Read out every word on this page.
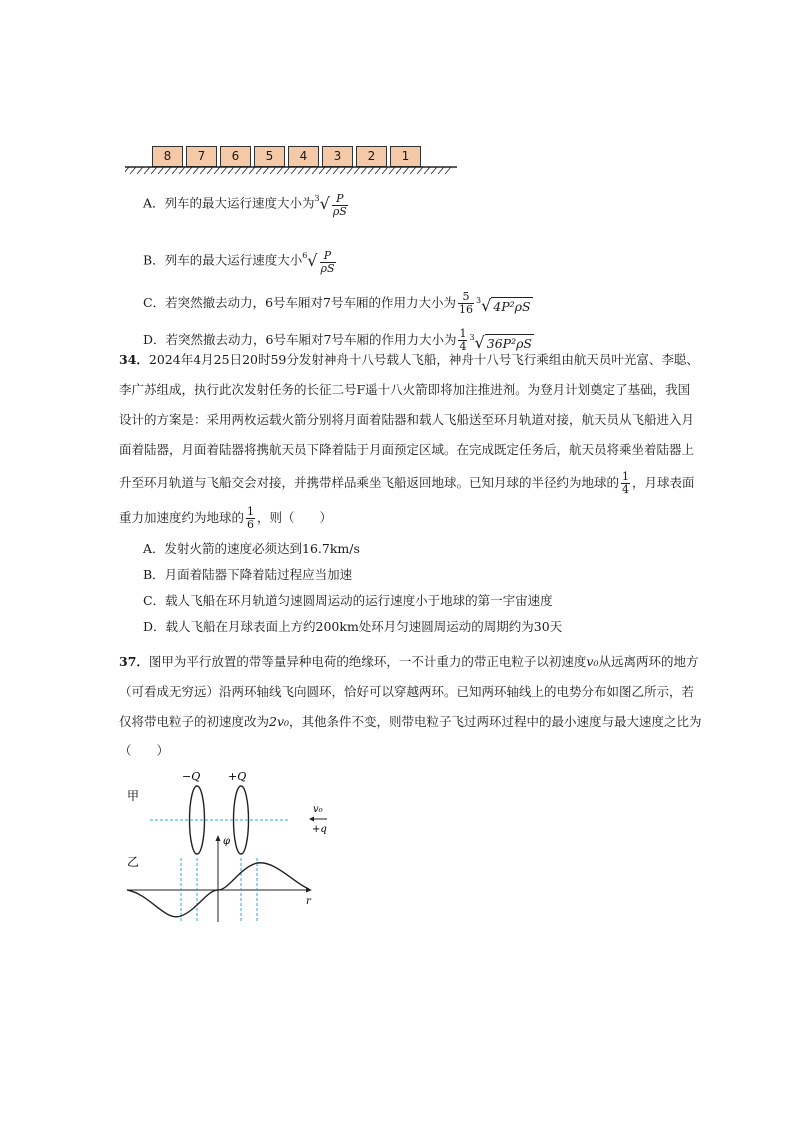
8	7	6	5	4	3	2	1
A．列车的最大运行速度大小为$^3√ \frac{P}{\rho S}$
B．列车的最大运行速度大小$^6√ \frac{P}{\rho S}$
C．若突然撤去动力，6号车厢对7号车厢的作用力大小为 $\frac{5}{16} ^3√$ 4P²ρS
D．若突然撤去动力，6号车厢对7号车厢的作用力大小为 $\frac{1}{4} ^3√$ 36P²ρS
34．2024年4月25日20时59分发射神舟十八号载人飞船，神舟十八号飞行乘组由航天员叶光富、李聪、
李广苏组成，执行此次发射任务的长征二号F遥十八火箭即将加注推进剂。为登月计划奠定了基础，我国
设计的方案是：采用两枚运载火箭分别将月面着陆器和载人飞船送至环月轨道对接，航天员从飞船进入月
面着陆器，月面着陆器将携航天员下降着陆于月面预定区域。在完成既定任务后，航天员将乘坐着陆器上
升至环月轨道与飞船交会对接，并携带样品乘坐飞船返回地球。已知月球的半径约为地球的 $\frac{1}{4}$ ，月球表面
重力加速度约为地球的 $\frac{1}{6}$ ，则（　　）
A．发射火箭的速度必须达到16.7km/s
B．月面着陆器下降着陆过程应当加速
C．载人飞船在环月轨道匀速圆周运动的运行速度小于地球的第一宇宙速度
D．载人飞船在月球表面上方约200km处环月匀速圆周运动的周期约为30天
37．图甲为平行放置的带等量异种电荷的绝缘环，一不计重力的带正电粒子以初速度v₀从远离两环的地方
（可看成无穷远）沿两环轴线飞向圆环，恰好可以穿越两环。已知两环轴线上的电势分布如图乙所示，若
仅将带电粒子的初速度改为2v₀，其他条件不变，则带电粒子飞过两环过程中的最小速度与最大速度之比为
（　　）
甲
−Q	+Q
v₀
+q
乙
φ
r
